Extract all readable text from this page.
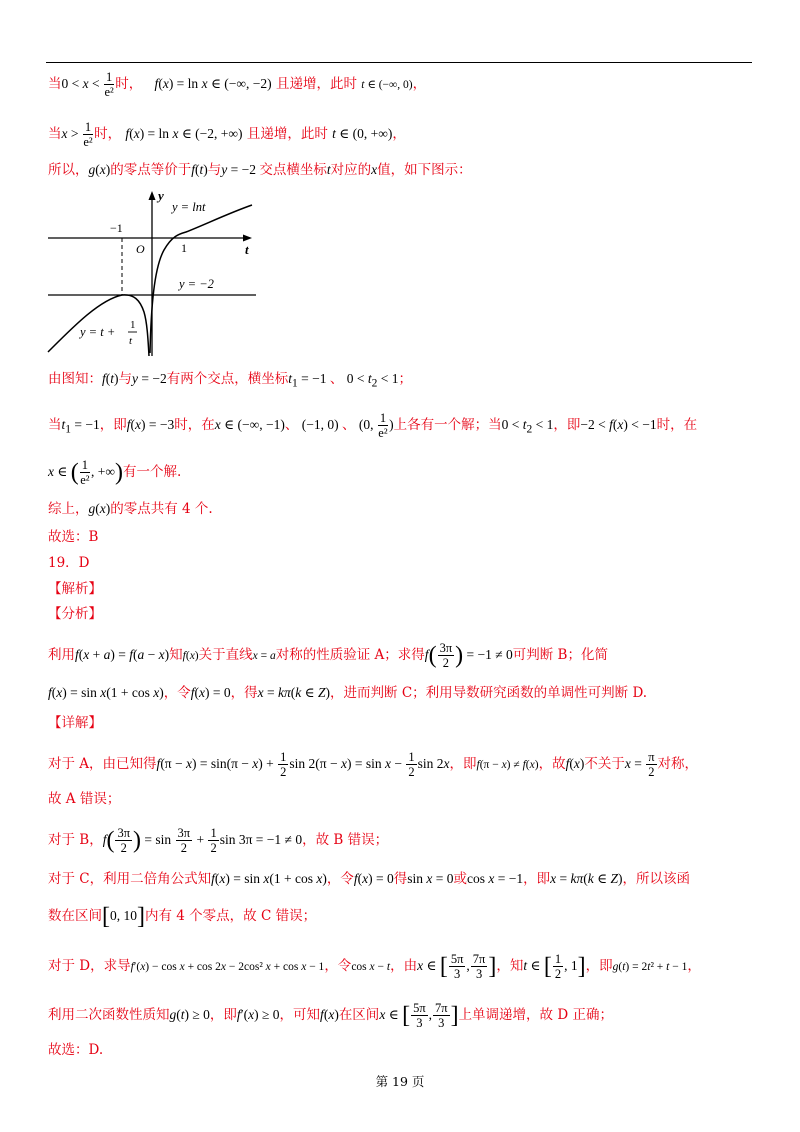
当$0 < x < \frac{1}{\text{e²}}$ 时， f(x) = ln x ∈ (−∞, −2) 且递增，此时 t ∈ (−∞, 0)，
当$x > \frac{1}{\text{e²}}$ 时， f(x) = ln x ∈ (−2, +∞) 且递增，此时 t ∈ (0, +∞)，
所以，g(x)的零点等价于f(t)与y = −2 交点横坐标t对应的x值，如下图示：
y
t
O	1
−1
y = lnt
y = −2
y = t + 1
t
由图知：f(t)与y = −2有两个交点，横坐标$t_1 = -1$ 、 $0 < t_2 < 1$；
当$t_1 = -1$，即f(x) = −3时，在x ∈ (−∞, −1)、 (−1, 0) 、 (0, $\frac{1}{\text{e²}}$ )上各有一个解；当$0 < t_2 < 1$，即−2 < f(x) < −1时，在
x ∈ ( $\frac{1}{\text{e²}}$ , +∞)有一个解.
综上，g(x)的零点共有 4 个.
故选：B
19．D
【解析】
【分析】
利用f(x + a) = f(a − x)知f(x)关于直线x = a对称的性质验证 A；求得$f( \frac{3\pi}{2}$ ) = −1 ≠ 0可判断 B；化简
f(x) = sin x(1 + cos x)，令f(x) = 0，得x = kπ(k ∈ Z)，进而判断 C；利用导数研究函数的单调性可判断 D.
【详解】
对于 A，由已知得$f(\pi - x) = \sin(\pi - x) + \frac{1}{2}$ $\sin 2(\pi - x) = \sin x - \frac{1}{2}$ sin 2x，即f(π − x) ≠ f(x)，故f(x)不关于$x = \frac{\pi}{2}$ 对称，
故 A 错误；
对于 B，$f( \frac{3\pi}{2}$ ) = $\sin \frac{3\pi}{2} + \frac{1}{2}$ sin 3π = −1 ≠ 0，故 B 错误；
对于 C，利用二倍角公式知f(x) = sin x(1 + cos x)，令f(x) = 0得sin x = 0或cos x = −1，即x = kπ(k ∈ Z)，所以该函
数在区间[0, 10]内有 4 个零点，故 C 错误；
对于 D，求导f′(x) − cos x + cos 2x − 2cos² x + cos x − 1，令cos x − t，由x ∈ [ $\frac{5\pi}{3}$ , $\frac{7\pi}{3}$ ]，知t ∈ [ $\frac{1}{2}$ , 1]，即g(t) = 2t² + t − 1，
利用二次函数性质知g(t) ≥ 0，即f′(x) ≥ 0，可知f(x)在区间x ∈ [ $\frac{5\pi}{3}$ , $\frac{7\pi}{3}$ ]上单调递增，故 D 正确；
故选：D.
第 19 页
